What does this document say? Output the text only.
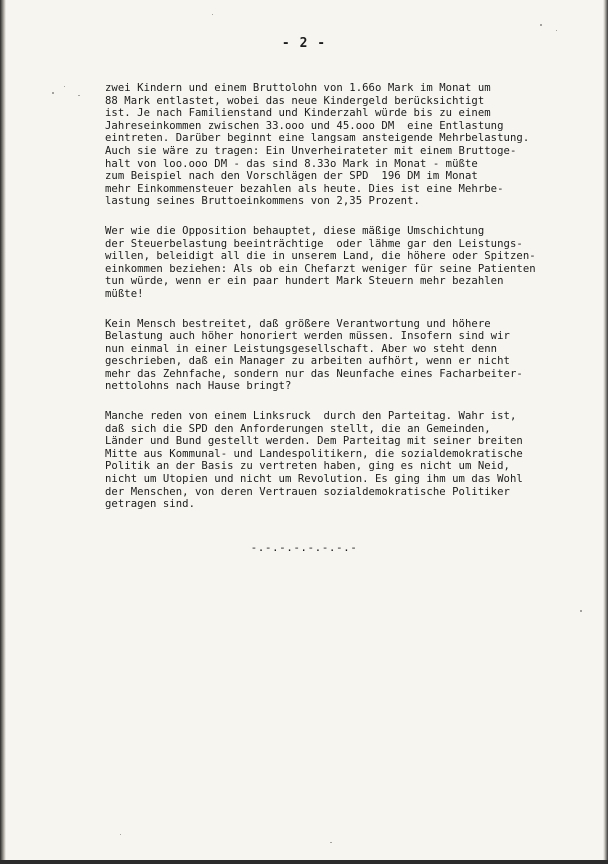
- 2 -

zwei Kindern und einem Bruttolohn von 1.66o Mark im Monat um
88 Mark entlastet, wobei das neue Kindergeld berücksichtigt
ist. Je nach Familienstand und Kinderzahl würde bis zu einem
Jahreseinkommen zwischen 33.ooo und 45.ooo DM  eine Entlastung
eintreten. Darüber beginnt eine langsam ansteigende Mehrbelastung.
Auch sie wäre zu tragen: Ein Unverheirateter mit einem Bruttoge-
halt von loo.ooo DM - das sind 8.33o Mark in Monat - müßte
zum Beispiel nach den Vorschlägen der SPD  196 DM im Monat
mehr Einkommensteuer bezahlen als heute. Dies ist eine Mehrbe-
lastung seines Bruttoeinkommens von 2,35 Prozent.

Wer wie die Opposition behauptet, diese mäßige Umschichtung
der Steuerbelastung beeinträchtige  oder lähme gar den Leistungs-
willen, beleidigt all die in unserem Land, die höhere oder Spitzen-
einkommen beziehen: Als ob ein Chefarzt weniger für seine Patienten
tun würde, wenn er ein paar hundert Mark Steuern mehr bezahlen
müßte!

Kein Mensch bestreitet, daß größere Verantwortung und höhere
Belastung auch höher honoriert werden müssen. Insofern sind wir
nun einmal in einer Leistungsgesellschaft. Aber wo steht denn
geschrieben, daß ein Manager zu arbeiten aufhört, wenn er nicht
mehr das Zehnfache, sondern nur das Neunfache eines Facharbeiter-
nettolohns nach Hause bringt?

Manche reden von einem Linksruck  durch den Parteitag. Wahr ist,
daß sich die SPD den Anforderungen stellt, die an Gemeinden,
Länder und Bund gestellt werden. Dem Parteitag mit seiner breiten
Mitte aus Kommunal- und Landespolitikern, die sozialdemokratische
Politik an der Basis zu vertreten haben, ging es nicht um Neid,
nicht um Utopien und nicht um Revolution. Es ging ihm um das Wohl
der Menschen, von deren Vertrauen sozialdemokratische Politiker
getragen sind.

-.-.-.-.-.-.-.-
